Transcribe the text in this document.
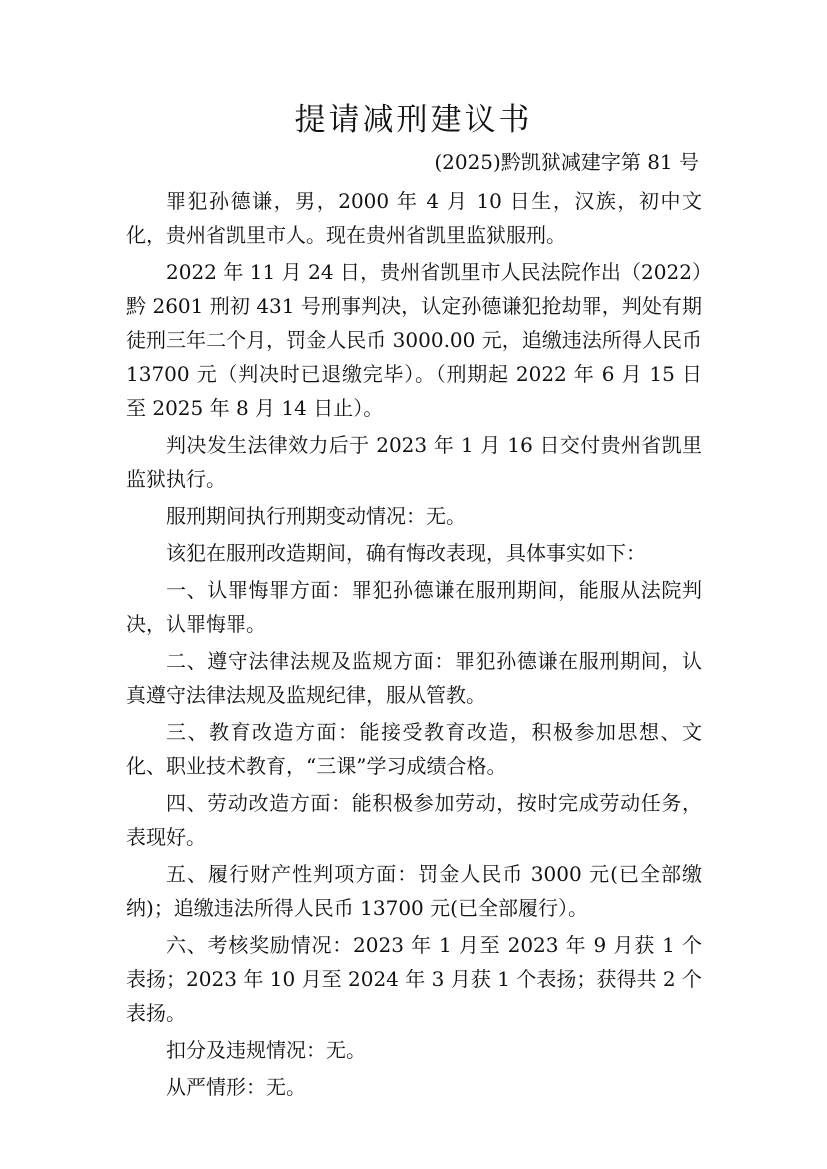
提请减刑建议书
(2025)黔凯狱减建字第 81 号

罪犯孙德谦，男，2000 年 4 月 10 日生，汉族，初中文化，贵州省凯里市人。现在贵州省凯里监狱服刑。

2022 年 11 月 24 日，贵州省凯里市人民法院作出（2022）黔 2601 刑初 431 号刑事判决，认定孙德谦犯抢劫罪，判处有期徒刑三年二个月，罚金人民币 3000.00 元，追缴违法所得人民币 13700 元（判决时已退缴完毕）。（刑期起 2022 年 6 月 15 日至 2025 年 8 月 14 日止）。

判决发生法律效力后于 2023 年 1 月 16 日交付贵州省凯里监狱执行。

服刑期间执行刑期变动情况：无。

该犯在服刑改造期间，确有悔改表现，具体事实如下：

一、认罪悔罪方面：罪犯孙德谦在服刑期间，能服从法院判决，认罪悔罪。

二、遵守法律法规及监规方面：罪犯孙德谦在服刑期间，认真遵守法律法规及监规纪律，服从管教。

三、教育改造方面：能接受教育改造，积极参加思想、文化、职业技术教育，“三课”学习成绩合格。

四、劳动改造方面：能积极参加劳动，按时完成劳动任务，表现好。

五、履行财产性判项方面：罚金人民币 3000 元(已全部缴纳)；追缴违法所得人民币 13700 元(已全部履行）。

六、考核奖励情况：2023 年 1 月至 2023 年 9 月获 1 个表扬；2023 年 10 月至 2024 年 3 月获 1 个表扬；获得共 2 个表扬。

扣分及违规情况：无。

从严情形：无。
